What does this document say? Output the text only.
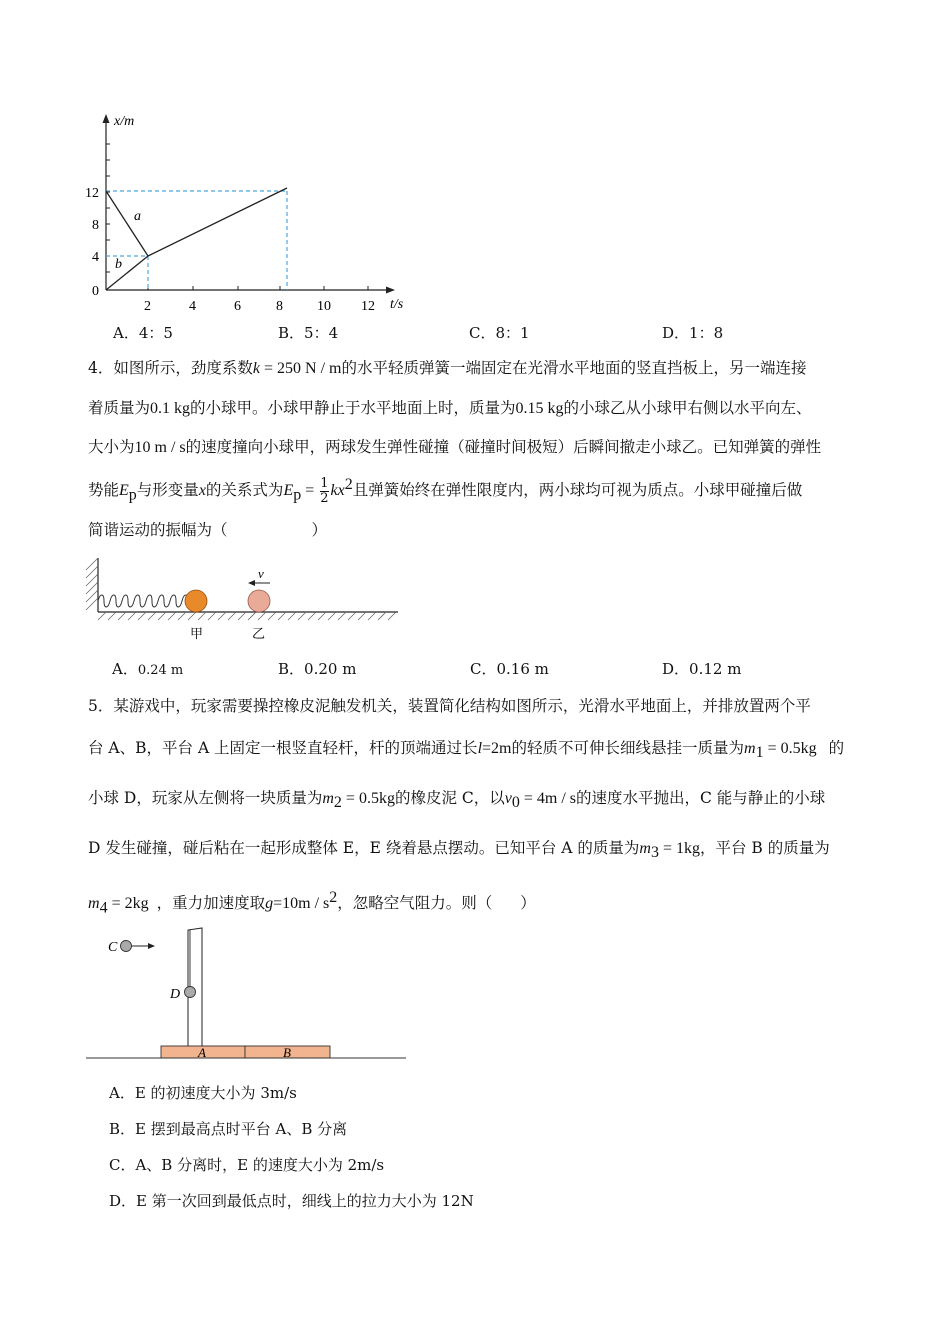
x/m
t/s
12
8
4
0
2	4	6	8 10 12
a
b
A．4：5	B．5：4	C．8：1	D．1：8
4．如图所示，劲度系数k = 250 N / m的水平轻质弹簧一端固定在光滑水平地面的竖直挡板上，另一端连接
着质量为0.1 kg的小球甲。小球甲静止于水平地面上时，质量为0.15 kg的小球乙从小球甲右侧以水平向左、
大小为10 m / s的速度撞向小球甲，两球发生弹性碰撞（碰撞时间极短）后瞬间撤走小球乙。已知弹簧的弹性
势能$E_p$与形变量x的关系式为$E_p = \frac{1}{2} kx^2$且弹簧始终在弹性限度内，两小球均可视为质点。小球甲碰撞后做
简谐运动的振幅为（	）
v
甲	乙
A．0.24 m	B．0.20 m	C．0.16 m	D．0.12 m
5．某游戏中，玩家需要操控橡皮泥触发机关，装置简化结构如图所示，光滑水平地面上，并排放置两个平
台 A、B，平台 A 上固定一根竖直轻杆，杆的顶端通过长l=2m的轻质不可伸长细线悬挂一质量为$m_1 = 0.5kg$ 的
小球 D，玩家从左侧将一块质量为$m_2 = 0.5kg$的橡皮泥 C，以$v_0 = 4m / s$的速度水平抛出，C 能与静止的小球
D 发生碰撞，碰后粘在一起形成整体 E，E 绕着悬点摆动。已知平台 A 的质量为$m_3 = 1kg$，平台 B 的质量为
$m_4 = 2kg$ ，重力加速度取$g=10m / s^2$，忽略空气阻力。则（ ）
C
D
A	B
A．E 的初速度大小为 3m/s
B．E 摆到最高点时平台 A、B 分离
C．A、B 分离时，E 的速度大小为 2m/s
D．E 第一次回到最低点时，细线上的拉力大小为 12N
